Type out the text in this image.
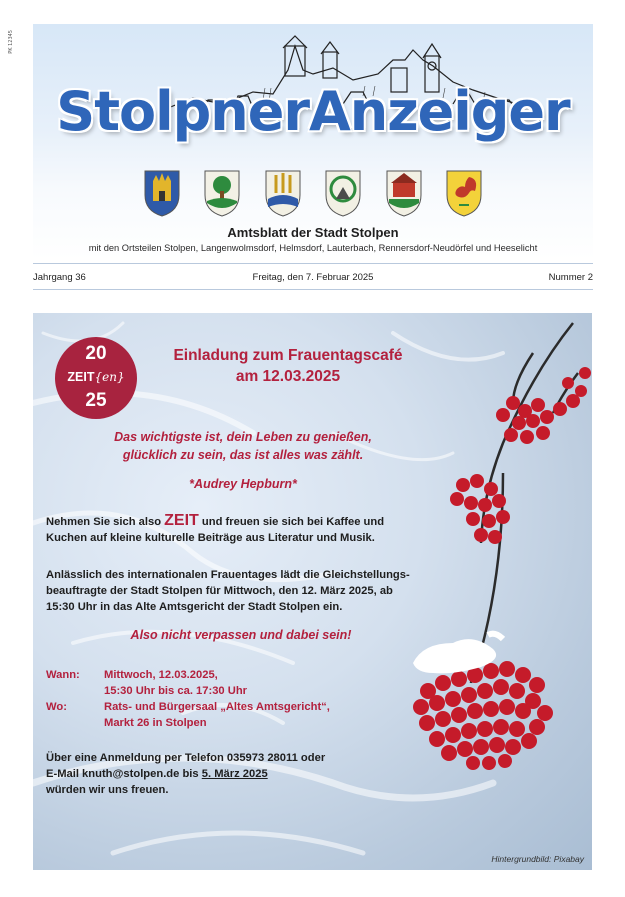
PK 12345
StolpnerAnzeiger
Amtsblatt der Stadt Stolpen
mit den Ortsteilen Stolpen, Langenwolmsdorf, Helmsdorf, Lauterbach, Rennersdorf-Neudörfel und Heeselicht
Jahrgang 36	Freitag, den 7. Februar 2025	Nummer 2
20
ZEIT{en}
25
Einladung zum Frauentagscafé
am 12.03.2025
Das wichtigste ist, dein Leben zu genießen,
glücklich zu sein, das ist alles was zählt.
*Audrey Hepburn*
Nehmen Sie sich also ZEIT und freuen sie sich bei Kaffee und
Kuchen auf kleine kulturelle Beiträge aus Literatur und Musik.
Anlässlich des internationalen Frauentages lädt die Gleichstellungs-
beauftragte der Stadt Stolpen für Mittwoch, den 12. März 2025, ab
15:30 Uhr in das Alte Amtsgericht der Stadt Stolpen ein.
Also nicht verpassen und dabei sein!
Wann: Mittwoch, 12.03.2025,
15:30 Uhr bis ca. 17:30 Uhr
Wo:	Rats- und Bürgersaal „Altes Amtsgericht“,
Markt 26 in Stolpen
Über eine Anmeldung per Telefon 035973 28011 oder
E-Mail knuth@stolpen.de bis 5. März 2025
würden wir uns freuen.
Hintergrundbild: Pixabay
